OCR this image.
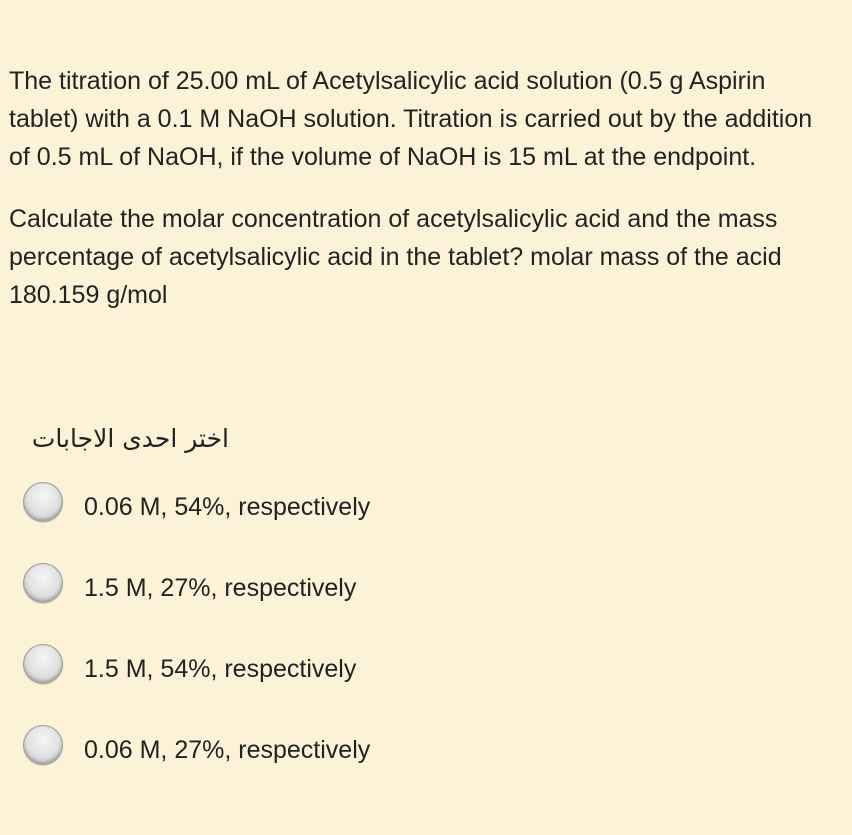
The titration of 25.00 mL of Acetylsalicylic acid solution (0.5 g Aspirin tablet) with a 0.1 M NaOH solution. Titration is carried out by the addition of 0.5 mL of NaOH, if the volume of NaOH is 15 mL at the endpoint.

Calculate the molar concentration of acetylsalicylic acid and the mass percentage of acetylsalicylic acid in the tablet? molar mass of the acid 180.159 g/mol

اختر احدى الاجابات
0.06 M, 54%, respectively
1.5 M, 27%, respectively
1.5 M, 54%, respectively
0.06 M, 27%, respectively
